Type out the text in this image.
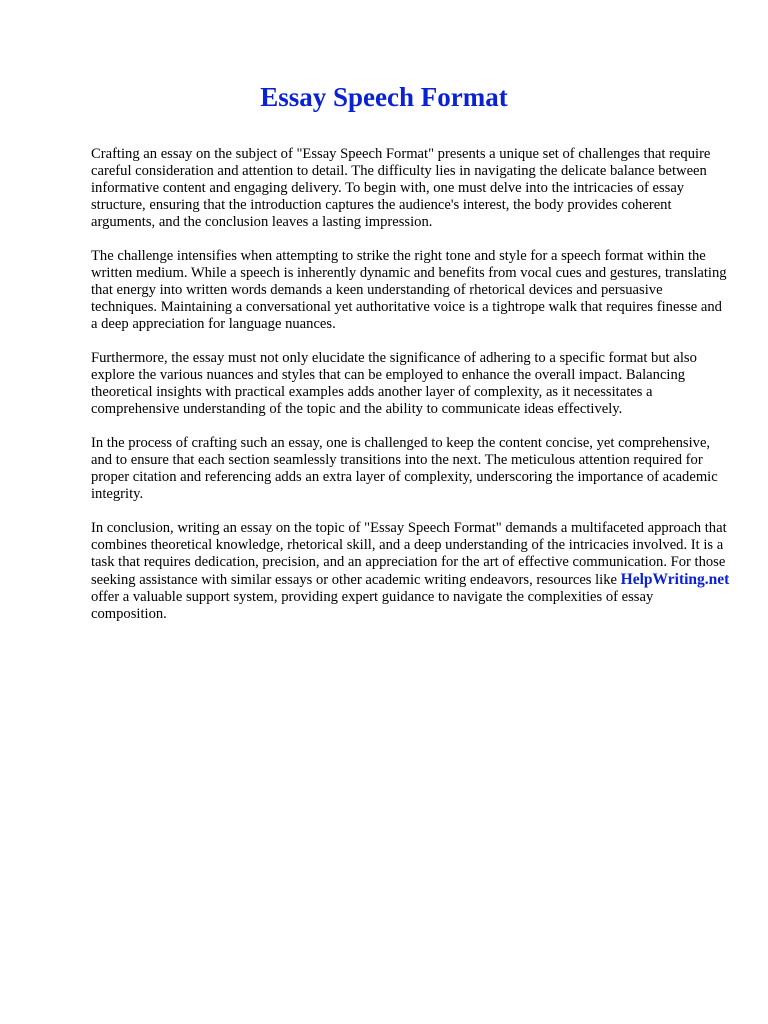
Essay Speech Format

Crafting an essay on the subject of "Essay Speech Format" presents a unique set of challenges that require careful consideration and attention to detail. The difficulty lies in navigating the delicate balance between informative content and engaging delivery. To begin with, one must delve into the intricacies of essay structure, ensuring that the introduction captures the audience's interest, the body provides coherent arguments, and the conclusion leaves a lasting impression.

The challenge intensifies when attempting to strike the right tone and style for a speech format within the written medium. While a speech is inherently dynamic and benefits from vocal cues and gestures, translating that energy into written words demands a keen understanding of rhetorical devices and persuasive techniques. Maintaining a conversational yet authoritative voice is a tightrope walk that requires finesse and a deep appreciation for language nuances.

Furthermore, the essay must not only elucidate the significance of adhering to a specific format but also explore the various nuances and styles that can be employed to enhance the overall impact. Balancing theoretical insights with practical examples adds another layer of complexity, as it necessitates a comprehensive understanding of the topic and the ability to communicate ideas effectively.

In the process of crafting such an essay, one is challenged to keep the content concise, yet comprehensive, and to ensure that each section seamlessly transitions into the next. The meticulous attention required for proper citation and referencing adds an extra layer of complexity, underscoring the importance of academic integrity.

In conclusion, writing an essay on the topic of "Essay Speech Format" demands a multifaceted approach that combines theoretical knowledge, rhetorical skill, and a deep understanding of the intricacies involved. It is a task that requires dedication, precision, and an appreciation for the art of effective communication. For those seeking assistance with similar essays or other academic writing endeavors, resources like HelpWriting.net offer a valuable support system, providing expert guidance to navigate the complexities of essay composition.
